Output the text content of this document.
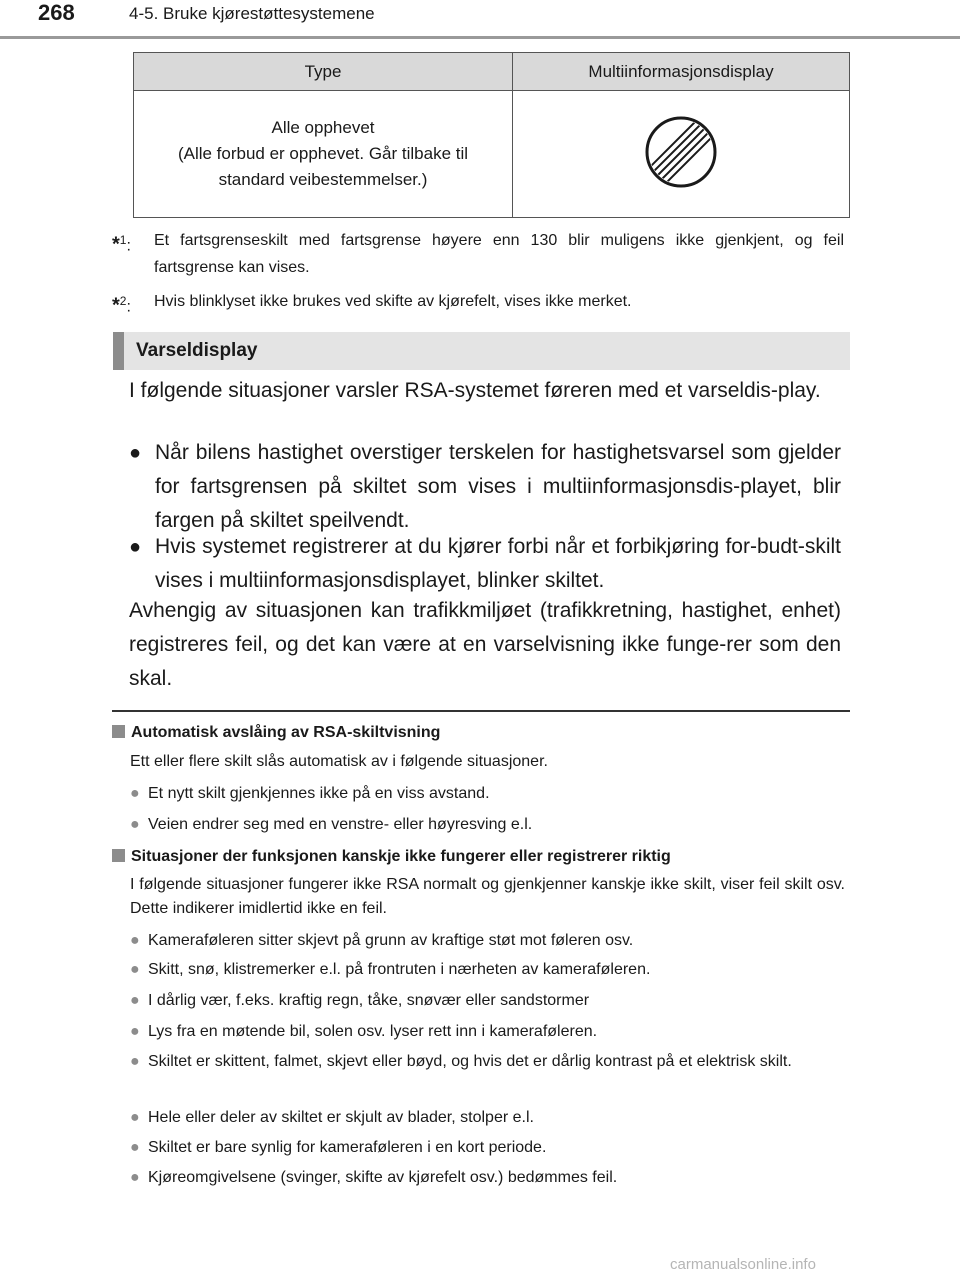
268	4-5. Bruke kjørestøttesystemene
Type	Multiinformasjonsdisplay
Alle opphevet
(Alle forbud er opphevet. Går tilbake til standard veibestemmelser.)	
*$^1$:	Et fartsgrenseskilt med fartsgrense høyere enn 130 blir muligens ikke gjenkjent, og feil fartsgrense kan vises.
*$^2$:	Hvis blinklyset ikke brukes ved skifte av kjørefelt, vises ikke merket.
Varseldisplay
I følgende situasjoner varsler RSA-systemet føreren med et varseldis-play.
● Når bilens hastighet overstiger terskelen for hastighetsvarsel som gjelder for fartsgrensen på skiltet som vises i multiinformasjonsdis-playet, blir fargen på skiltet speilvendt.
● Hvis systemet registrerer at du kjører forbi når et forbikjøring for-budt-skilt vises i multiinformasjonsdisplayet, blinker skiltet.
Avhengig av situasjonen kan trafikkmiljøet (trafikkretning, hastighet, enhet) registreres feil, og det kan være at en varselvisning ikke funge-rer som den skal.
Automatisk avslåing av RSA-skiltvisning
Ett eller flere skilt slås automatisk av i følgende situasjoner.
● Et nytt skilt gjenkjennes ikke på en viss avstand.
● Veien endrer seg med en venstre- eller høyresving e.l.
Situasjoner der funksjonen kanskje ikke fungerer eller registrerer riktig
I følgende situasjoner fungerer ikke RSA normalt og gjenkjenner kanskje ikke skilt, viser feil skilt osv. Dette indikerer imidlertid ikke en feil.
● Kameraføleren sitter skjevt på grunn av kraftige støt mot føleren osv.
● Skitt, snø, klistremerker e.l. på frontruten i nærheten av kameraføleren.
● I dårlig vær, f.eks. kraftig regn, tåke, snøvær eller sandstormer
● Lys fra en møtende bil, solen osv. lyser rett inn i kameraføleren.
● Skiltet er skittent, falmet, skjevt eller bøyd, og hvis det er dårlig kontrast på et elektrisk skilt.
● Hele eller deler av skiltet er skjult av blader, stolper e.l.
● Skiltet er bare synlig for kameraføleren i en kort periode.
● Kjøreomgivelsene (svinger, skifte av kjørefelt osv.) bedømmes feil.
carmanualsonline.info
